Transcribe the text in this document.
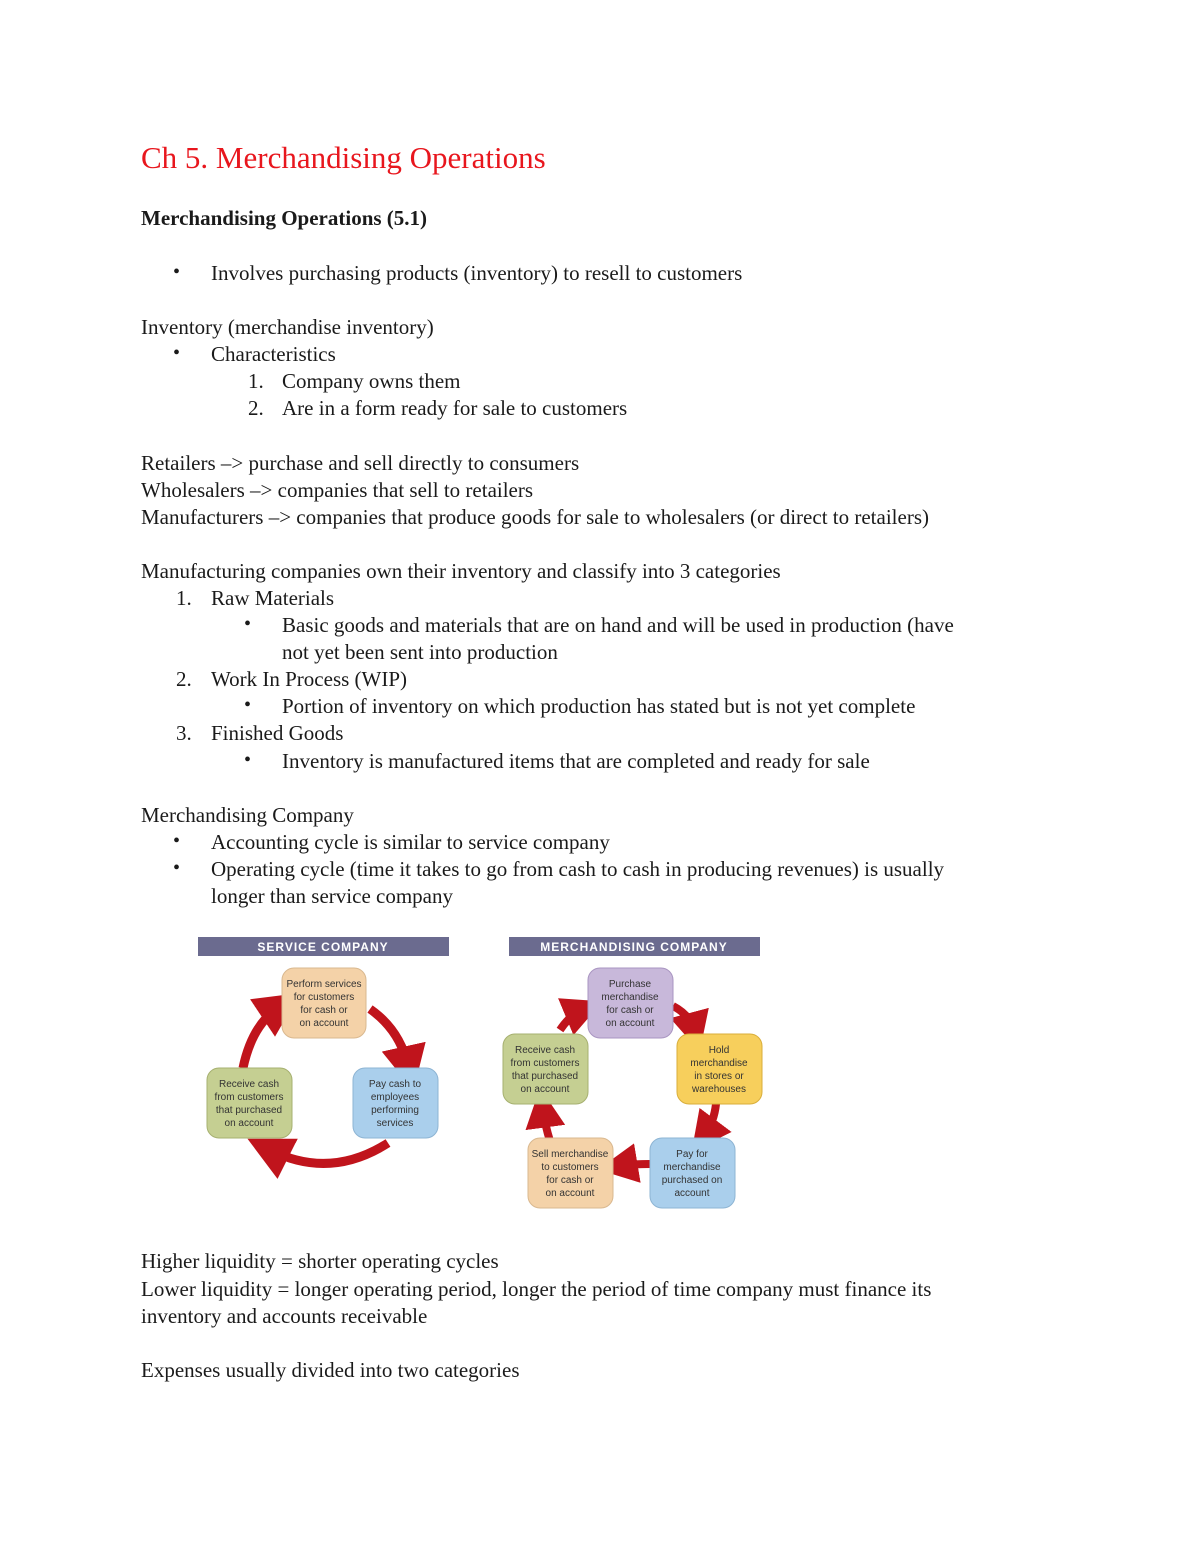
Ch 5. Merchandising Operations
Merchandising Operations (5.1)
• Involves purchasing products (inventory) to resell to customers
Inventory (merchandise inventory)
• Characteristics
1. Company owns them
2. Are in a form ready for sale to customers
Retailers –> purchase and sell directly to consumers
Wholesalers –> companies that sell to retailers
Manufacturers –> companies that produce goods for sale to wholesalers (or direct to retailers)
Manufacturing companies own their inventory and classify into 3 categories
1. Raw Materials
• Basic goods and materials that are on hand and will be used in production (have
not yet been sent into production
2. Work In Process (WIP)
• Portion of inventory on which production has stated but is not yet complete
3. Finished Goods
• Inventory is manufactured items that are completed and ready for sale
Merchandising Company
• Accounting cycle is similar to service company
• Operating cycle (time it takes to go from cash to cash in producing revenues) is usually
longer than service company
SERVICE COMPANY
Perform services
for customers
for cash or
on account
Pay cash to
employees
performing
services
Receive cash
from customers
that purchased
on account
MERCHANDISING COMPANY
Purchase
merchandise
for cash or
on account
Hold
merchandise
in stores or
warehouses
Pay for
merchandise
purchased on
account
Sell merchandise
to customers
for cash or
on account
Receive cash
from customers
that purchased
on account
Higher liquidity = shorter operating cycles
Lower liquidity = longer operating period, longer the period of time company must finance its
inventory and accounts receivable
Expenses usually divided into two categories
